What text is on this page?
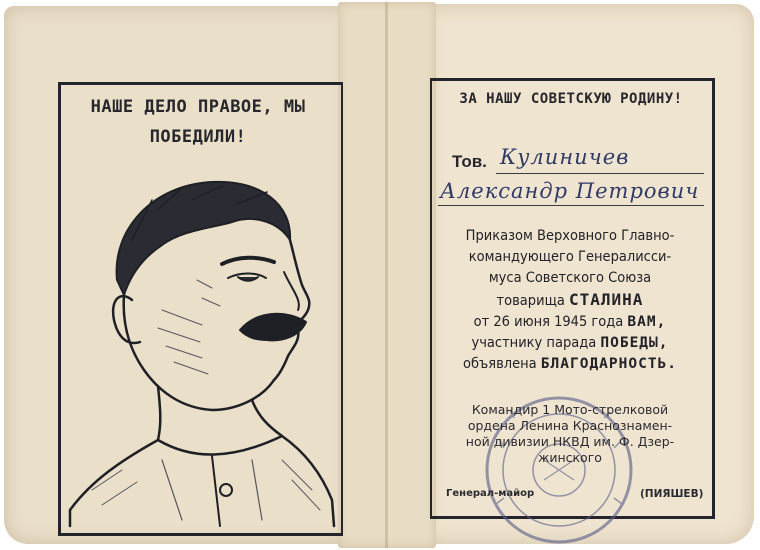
НАШЕ ДЕЛО ПРАВОЕ, МЫ
ПОБЕДИЛИ!
ЗА НАШУ СОВЕТСКУЮ РОДИНУ!
Тов. Кулиничев
Александр Петрович
Приказом Верховного Главно-
командующего Генералисси-
муса Советского Союза
товарища СТАЛИНА
от 26 июня 1945 года ВАМ,
участнику парада ПОБЕДЫ,
объявлена БЛАГОДАРНОСТЬ.
Командир 1 Мото-стрелковой
ордена Ленина Краснознамен-
ной дивизии НКВД им. Ф. Дзер-
жинского
Генерал-майор	(ПИЯШЕВ)
